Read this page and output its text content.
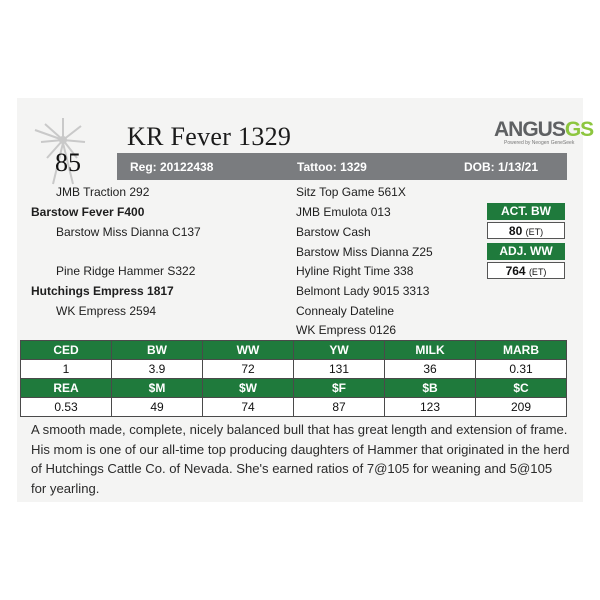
85
KR Fever 1329	ANGUSGS
Powered by Neogen GeneSeek
Reg: 20122438	Tattoo: 1329	DOB: 1/13/21
JMB Traction 292
Barstow Fever F400
Barstow Miss Dianna C137
Pine Ridge Hammer S322
Hutchings Empress 1817
WK Empress 2594
Sitz Top Game 561X
JMB Emulota 013
Barstow Cash
Barstow Miss Dianna Z25
Hyline Right Time 338
Belmont Lady 9015 3313
Connealy Dateline
WK Empress 0126
ACT. BW
80 (ET)
ADJ. WW
764 (ET)
CED	BW	WW	YW	MILK	MARB
1	3.9	72	131	36	0.31
REA	$M	$W	$F	$B	$C
0.53	49	74	87	123	209
A smooth made, complete, nicely balanced bull that has great length and extension of frame. His mom is one of our all-time top producing daughters of Hammer that originated in the herd of Hutchings Cattle Co. of Nevada. She's earned ratios of 7@105 for weaning and 5@105 for yearling.
